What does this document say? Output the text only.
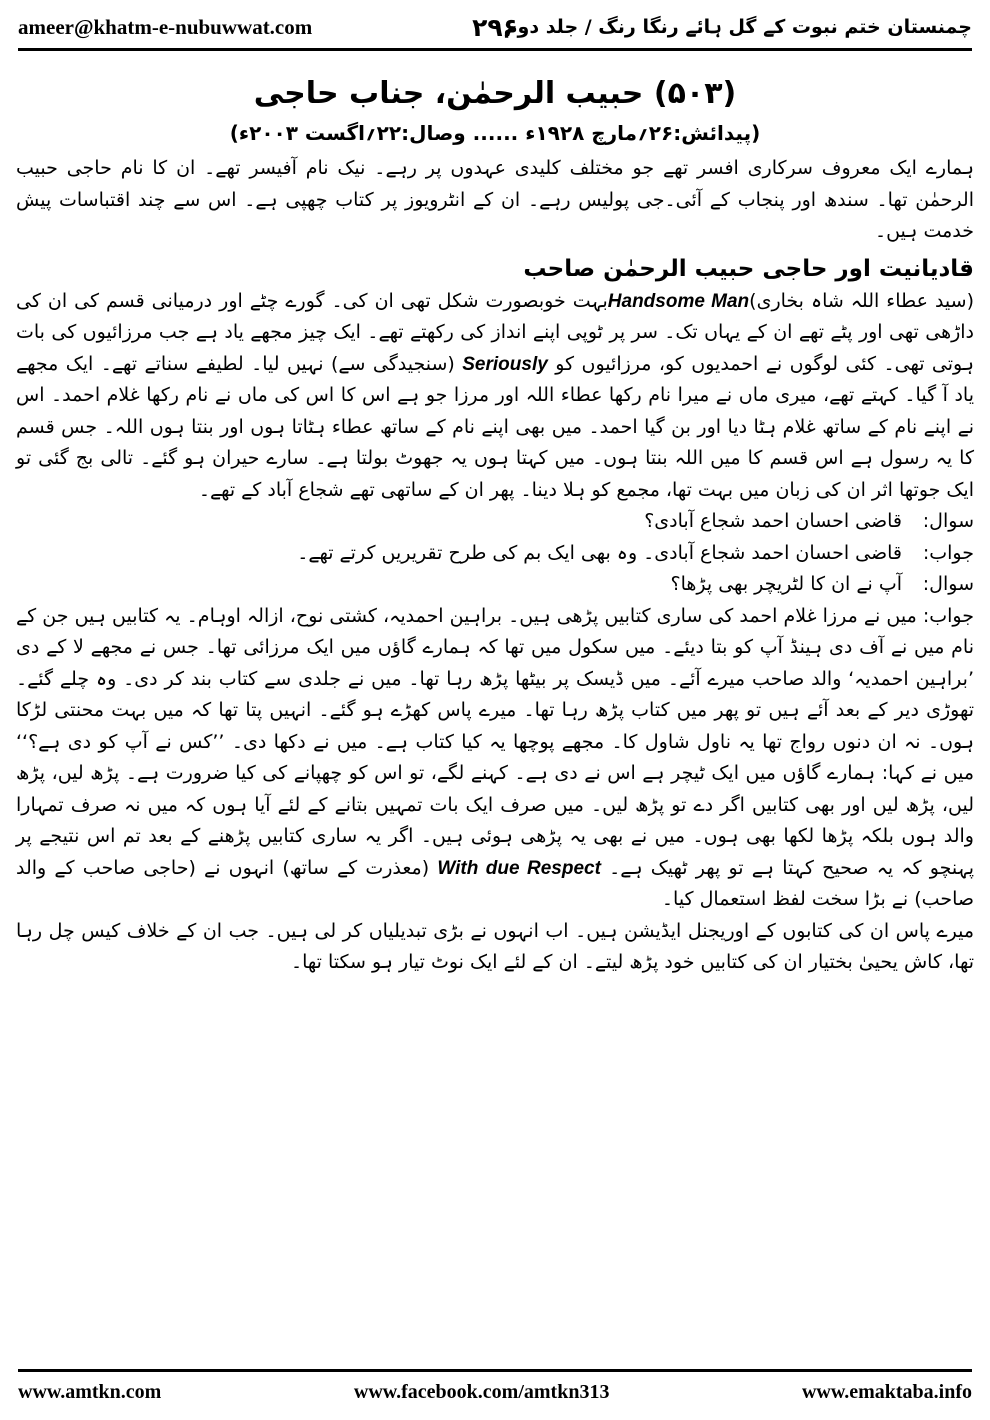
ameer@khatm-e-nubuwwat.com	۲۹۶
چمنستان ختم نبوت کے گل ہائے رنگا رنگ / جلد دوم
(۵۰۳) حبیب الرحمٰن، جناب حاجی
(پیدائش:۲۶؍مارچ ۱۹۲۸ء ...... وصال:۲۲؍اگست ۲۰۰۳ء)

ہمارے ایک معروف سرکاری افسر تھے جو مختلف کلیدی عہدوں پر رہے۔ نیک نام آفیسر تھے۔ ان کا نام حاجی حبیب الرحمٰن تھا۔ سندھ اور پنجاب کے آئی۔جی پولیس رہے۔ ان کے انٹرویوز پر کتاب چھپی ہے۔ اس سے چند اقتباسات پیش خدمت ہیں۔

قادیانیت اور حاجی حبیب الرحمٰن صاحب

(سید عطاء اللہ شاہ بخاری)Handsome Manبہت خوبصورت شکل تھی ان کی۔ گورے چٹے اور درمیانی قسم کی ان کی داڑھی تھی اور پٹے تھے ان کے یہاں تک۔ سر پر ٹوپی اپنے انداز کی رکھتے تھے۔ ایک چیز مجھے یاد ہے جب مرزائیوں کی بات ہوتی تھی۔ کئی لوگوں نے احمدیوں کو، مرزائیوں کو Seriously (سنجیدگی سے) نہیں لیا۔ لطیفے سناتے تھے۔ ایک مجھے یاد آ گیا۔ کہتے تھے، میری ماں نے میرا نام رکھا عطاء اللہ اور مرزا جو ہے اس کا اس کی ماں نے نام رکھا غلام احمد۔ اس نے اپنے نام کے ساتھ غلام ہٹا دیا اور بن گیا احمد۔ میں بھی اپنے نام کے ساتھ عطاء ہٹاتا ہوں اور بنتا ہوں اللہ۔ جس قسم کا یہ رسول ہے اس قسم کا میں اللہ بنتا ہوں۔ میں کہتا ہوں یہ جھوٹ بولتا ہے۔ سارے حیران ہو گئے۔ تالی بج گئی تو ایک جوتھا اثر ان کی زبان میں بہت تھا، مجمع کو ہلا دینا۔ پھر ان کے ساتھی تھے شجاع آباد کے تھے۔

سوال:
قاضی احسان احمد شجاع آبادی؟
جواب:
قاضی احسان احمد شجاع آبادی۔ وہ بھی ایک بم کی طرح تقریریں کرتے تھے۔
سوال:
آپ نے ان کا لٹریچر بھی پڑھا؟

جواب: میں نے مرزا غلام احمد کی ساری کتابیں پڑھی ہیں۔ براہین احمدیہ، کشتی نوح، ازالہ اوہام۔ یہ کتابیں ہیں جن کے نام میں نے آف دی ہینڈ آپ کو بتا دیئے۔ میں سکول میں تھا کہ ہمارے گاؤں میں ایک مرزائی تھا۔ جس نے مجھے لا کے دی ’براہین احمدیہ‘ والد صاحب میرے آئے۔ میں ڈیسک پر بیٹھا پڑھ رہا تھا۔ میں نے جلدی سے کتاب بند کر دی۔ وہ چلے گئے۔ تھوڑی دیر کے بعد آئے ہیں تو پھر میں کتاب پڑھ رہا تھا۔ میرے پاس کھڑے ہو گئے۔ انہیں پتا تھا کہ میں بہت محنتی لڑکا ہوں۔ نہ ان دنوں رواج تھا یہ ناول شاول کا۔ مجھے پوچھا یہ کیا کتاب ہے۔ میں نے دکھا دی۔ ’’کس نے آپ کو دی ہے؟‘‘ میں نے کہا: ہمارے گاؤں میں ایک ٹیچر ہے اس نے دی ہے۔ کہنے لگے، تو اس کو چھپانے کی کیا ضرورت ہے۔ پڑھ لیں، پڑھ لیں، پڑھ لیں اور بھی کتابیں اگر دے تو پڑھ لیں۔ میں صرف ایک بات تمہیں بتانے کے لئے آیا ہوں کہ میں نہ صرف تمہارا والد ہوں بلکہ پڑھا لکھا بھی ہوں۔ میں نے بھی یہ پڑھی ہوئی ہیں۔ اگر یہ ساری کتابیں پڑھنے کے بعد تم اس نتیجے پر پہنچو کہ یہ صحیح کہتا ہے تو پھر ٹھیک ہے۔ With due Respect (معذرت کے ساتھ) انہوں نے (حاجی صاحب کے والد صاحب) نے بڑا سخت لفظ استعمال کیا۔

میرے پاس ان کی کتابوں کے اوریجنل ایڈیشن ہیں۔ اب انہوں نے بڑی تبدیلیاں کر لی ہیں۔ جب ان کے خلاف کیس چل رہا تھا، کاش یحییٰ بختیار ان کی کتابیں خود پڑھ لیتے۔ ان کے لئے ایک نوٹ تیار ہو سکتا تھا۔

www.amtkn.com	www.facebook.com/amtkn313	www.emaktaba.info
